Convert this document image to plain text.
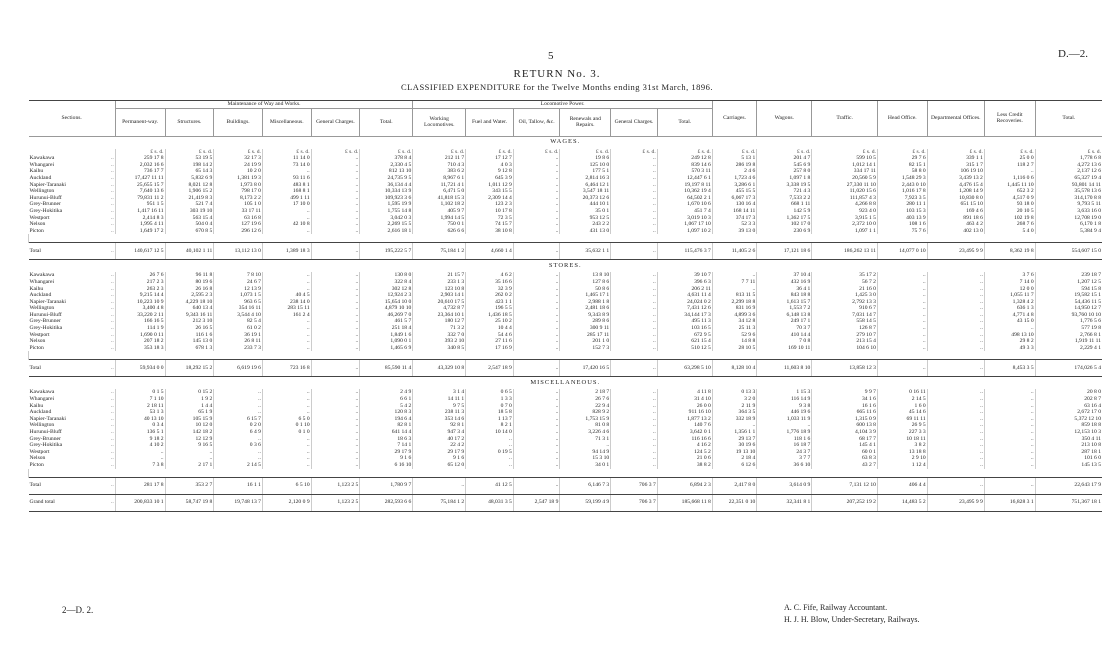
5	D.—2.
RETURN No. 3.
CLASSIFIED EXPENDITURE for the Twelve Months ending 31st March, 1896.
Sections.		Maintenance of Way and Works.						Locomotive Power.						Carriages.	Wagons.	Traffic.	Head Office.	Departmental Offices.	Less Credit Recoveries.	Total.
		Permanent-way.	Structures.	Buildings.	Miscellaneous.	General Charges.	Total.	Working Locomotives.	Fuel and Water.	Oil, Tallow, &c.	Renewals and Repairs.	General Charges.	Total.							
WAGES.																				
		£ s. d.	£ s. d.	£ s. d.	£ s. d.	£ s. d.	£ s. d.	£ s. d.	£ s. d.	£ s. d.	£ s. d.	£ s. d.	£ s. d.	£ s. d.	£ s. d.	£ s. d.	£ s. d.	£ s. d.	£ s. d.	£ s. d.
Kawakawa	..	259 17 8	53 19 5	32 17 3	11 14 0	..	378 8 4	212 11 7	17 12 7	..	19 8 6	..	249 12 8	5 13 1	201 4 7	599 10 5	29 7 6	339 1 1	25 0 0	1,778 6 8
Whangarei	..	2,032 16 6	198 14 2	24 19 9	73 14 0	..	2,330 4 5	710 4 3	4 0 3	..	125 10 0	..	839 14 6	286 19 8	545 6 9	1,012 14 1	82 15 1	315 1 7	118 2 7	4,272 13 6
Kaihu	..	736 17 7	65 14 3	10 2 0	..	..	812 13 10	383 6 2	9 12 8	..	177 5 1	..	570 3 11	2 4 6	257 8 0	334 17 11	58 8 0	106 19 10	..	2,137 12 6
Auckland	..	17,427 11 11	5,832 6 9	1,381 19 3	93 11 6	..	24,735 9 5	8,967 6 1	645 3 9	..	2,814 16 3	..	12,447 6 1	1,723 4 6	1,097 1 8	20,560 5 9	1,548 29 3	3,439 13 2	1,116 0 6	65,327 19 4
Napier-Taranaki	..	25,655 15 7	8,021 12 8	1,973 8 0	483 8 1	..	36,134 4 4	11,721 4 1	1,011 12 9	..	6,464 12 1	..	19,197 8 11	3,286 6 1	3,338 19 5	27,330 11 10	2,443 0 10	4,476 15 4	1,445 11 10	93,801 14 11
Wellington	..	7,640 13 6	1,906 15 2	798 17 0	168 8 1	..	10,334 13 9	6,471 5 0	343 15 5	..	3,547 18 11	..	10,362 19 4	455 15 5	721 4 3	11,020 15 6	1,016 17 8	1,208 14 9	652 3 2	35,578 13 6
Hurunui-Bluff	..	79,831 11 2	21,419 8 3	8,173 2 2	499 1 11	..	109,923 3 6	41,818 15 3	2,309 14 4	..	20,373 12 6	..	64,502 2 1	6,067 17 3	7,533 2 2	111,857 4 3	7,923 3 5	10,830 8 0	4,517 0 9	314,170 8 8
Grey-Brunner	..	951 1 5	521 7 4	105 1 0	17 10 0	..	1,595 19 9	1,102 18 2	123 2 3	..	444 10 1	..	1,670 10 6	130 16 4	668 1 11	4,266 8 8	280 11 1	651 15 10	93 18 0	9,793 5 11
Grey-Hokitika	..	1,417 16 11	303 19 10	33 17 11	..	..	1,755 14 8	405 9 7	10 17 8	..	35 0 1	..	451 7 4	168 14 11	142 5 9	923 4 0	103 15 3	169 4 6	20 10 5	3,633 16 0
Westport	..	2,414 8 3	563 15 4	63 16 8	..	..	3,042 0 3	1,994 14 5	72 3 5	..	953 12 5	..	3,019 10 3	374 17 3	1,362 17 5	3,915 1 5	403 13 9	891 18 6	102 19 8	12,708 19 0
Nelson	..	1,995 4 11	504 0 4	127 19 6	42 10 8	..	2,269 15 5	750 0 1	74 15 7	..	243 2 2	..	1,067 17 10	52 3 3	102 17 0	2,372 10 0	108 1 6	463 4 2	268 7 6	6,170 1 8
Picton	..	1,649 17 2	670 8 5	296 12 6	..	..	2,616 18 1	626 6 6	38 10 8	..	431 13 0	..	1,097 10 2	39 13 0	230 6 9	1,097 1 1	75 7 6	402 13 0	5 4 0	5,384 9 4

Total	..	140,617 12 5	40,102 1 11	13,112 13 0	1,389 18 3	..	195,222 5 7	75,184 1 2	4,660 1 4	..	35,632 1 1	..	115,476 3 7	11,405 2 6	17,121 18 6	186,262 13 11	14,077 0 10	23,495 9 9	8,362 19 8	554,607 15 0
STORES.																				
Kawakawa	..	26 7 6	96 11 8	7 8 10	..	..	130 8 0	21 15 7	4 6 2	..	13 8 10	..	39 10 7	..	37 10 4	35 17 2	..	..	3 7 6	239 18 7
Whangarei	..	217 2 3	80 19 6	24 6 7	..	..	322 8 4	233 1 3	35 16 6	..	127 8 6	..	396 6 3	7 7 11	432 16 9	56 7 2	..	..	7 14 0	1,207 12 5
Kaihu	..	263 2 3	26 16 8	12 13 9	..	..	302 12 8	123 10 8	32 3 9	..	50 8 6	..	206 2 11	..	36 4 1	21 16 0	..	..	12 0 0	594 15 8
Auckland	..	9,215 14 4	2,595 2 3	1,073 1 5	40 4 5	..	12,924 2 3	2,903 14 1	262 0 2	..	1,465 17 1	..	4,631 11 4	813 11 5	843 18 8	1,425 3 0	..	..	1,055 11 7	19,582 15 1
Napier-Taranaki	..	10,223 10 9	4,229 18 10	963 6 5	238 14 0	..	15,654 10 0	20,610 17 5	423 1 1	..	2,988 1 8	..	24,024 0 2	2,299 18 8	1,613 15 7	2,792 13 3	..	..	1,328 4 2	54,436 11 5
Wellington	..	3,400 4 8	640 13 4	354 16 11	283 15 11	..	4,879 10 10	4,732 8 7	196 5 5	..	2,481 18 6	..	7,431 12 6	831 16 9	1,553 7 2	910 6 7	..	..	636 1 3	14,950 12 7
Hurunui-Bluff	..	33,220 2 11	9,343 16 11	3,544 4 10	161 2 4	..	46,269 7 0	23,364 10 1	1,436 18 5	..	9,343 8 9	..	34,144 17 3	4,899 3 6	6,148 13 8	7,031 14 7	..	..	4,771 4 8	93,760 10 10
Grey-Brunner	..	166 16 5	212 3 10	82 5 4	..	..	461 5 7	180 12 7	25 10 2	..	289 8 6	..	495 11 3	34 12 8	249 17 1	558 14 5	..	..	43 15 0	1,776 5 6
Grey-Hokitika	..	114 1 9	26 16 5	61 0 2	..	..	251 18 4	71 3 2	10 4 4	..	300 9 11	..	103 16 5	25 11 3	70 3 7	126 8 7	..	..	..	577 19 8
Westport	..	1,690 0 11	116 1 6	36 19 1	..	..	1,849 1 6	332 7 0	54 4 6	..	285 17 11	..	672 9 5	52 9 6	410 14 4	279 10 7	..	..	498 13 10	2,766 8 1
Nelson	..	207 18 2	145 13 0	26 8 11	..	..	1,090 0 1	393 2 10	27 11 6	..	201 1 0	..	621 15 4	14 8 8	7 0 8	213 15 4	..	..	29 8 2	1,919 11 11
Picton	..	353 18 3	678 1 3	233 7 3	..	..	1,465 6 9	340 8 5	17 16 9	..	152 7 3	..	510 12 5	28 10 5	169 10 11	104 6 10	..	..	49 3 3	2,229 4 1

Total	..	59,934 0 0	18,292 15 2	6,619 19 6	723 16 8	..	85,590 11 4	43,329 10 8	2,547 18 9	..	17,420 16 5	..	63,298 5 10	8,128 10 4	11,603 8 10	13,858 12 3	..	..	8,453 3 5	174,026 5 4
MISCELLANEOUS.																				
Kawakawa	..	0 1 5	0 15 2	..	..	..	2 4 9	3 1 4	0 6 5	..	2 18 7	..	4 11 8	0 13 3	1 15 3	9 9 7	0 16 11	..	..	20 8 0
Whangarei	..	7 1 10	1 9 2	..	..	..	6 6 1	14 11 1	1 3 3	..	26 7 6	..	31 4 10	3 2 0	116 14 9	34 1 6	2 14 5	..	..	202 8 7
Kaihu	..	2 18 11	1 4 4	..	..	..	5 4 2	9 7 5	0 7 0	..	22 9 4	..	26 0 0	2 11 9	9 3 8	16 1 6	1 6 0	..	..	63 16 4
Auckland	..	53 1 3	65 1 9	..	..	..	120 8 3	238 11 3	18 5 8	..	828 9 2	..	911 16 10	364 3 5	446 19 6	665 11 6	45 14 6	..	..	2,672 17 0
Napier-Taranaki	..	40 13 10	105 15 9	6 15 7	6 5 0	..	194 6 4	353 14 6	1 13 7	..	1,753 15 9	..	1,877 13 2	332 18 9	1,033 11 9	1,315 0 9	69 11 11	..	..	5,372 12 10
Wellington	..	0 3 4	10 12 0	0 2 0	0 1 10	..	82 8 1	92 8 1	8 2 1	..	81 0 8	..	140 7 6	..	..	600 13 8	26 9 5	..	..	859 18 8
Hurunui-Bluff	..	136 5 1	142 18 2	6 4 9	0 1 0	..	641 14 4	947 3 4	10 14 0	..	3,226 4 6	..	3,642 0 1	1,356 1 1	1,776 18 9	4,104 3 9	227 3 3	..	..	12,153 10 3
Grey-Brunner	..	9 18 2	12 12 9	..	..	..	18 6 3	40 17 2	..	..	71 3 1	..	116 16 6	29 13 7	118 1 6	68 17 7	10 18 11	..	..	350 4 11
Grey-Hokitika	..	4 10 2	9 16 5	0 3 6	..	..	7 14 1	22 4 2	..	..	..	..	4 16 2	30 19 6	16 18 7	145 4 1	3 8 2	..	..	213 10 8
Westport	..	..	..	..	..	..	29 17 9	29 17 9	0 19 5	..	94 14 9	..	124 5 2	19 13 10	24 3 7	60 0 1	13 18 8	..	..	287 18 1
Nelson	..	..	..	..	..	..	9 1 6	9 1 6	..	..	15 3 10	..	21 0 6	2 18 4	3 7 7	63 8 3	2 9 10	..	..	101 6 0
Picton	..	7 3 8	2 17 1	2 14 5	..	..	6 16 10	65 12 0	..	..	34 0 1	..	38 8 2	6 12 6	36 6 10	43 2 7	1 12 4	..	..	145 13 5

Total	..	281 17 8	353 2 7	16 1 1	6 5 10	1,123 2 5	1,780 9 7	..	41 12 5	..	6,146 7 3	706 3 7	6,894 2 3	2,417 8 0	3,614 0 9	7,131 12 10	406 4 4	..	..	22,643 17 9
Grand total	..	200,833 10 1	58,747 19 8	19,748 13 7	2,120 0 9	1,123 2 5	282,593 6 6	75,184 1 2	48,031 3 5	2,547 18 9	59,199 4 9	706 3 7	185,668 11 8	22,351 0 10	32,341 8 1	207,252 19 2	14,483 5 2	23,495 9 9	16,828 3 1	751,367 18 1
2—D. 2.	A. C. Fife, Railway Accountant.
H. J. H. Blow, Under-Secretary, Railways.
